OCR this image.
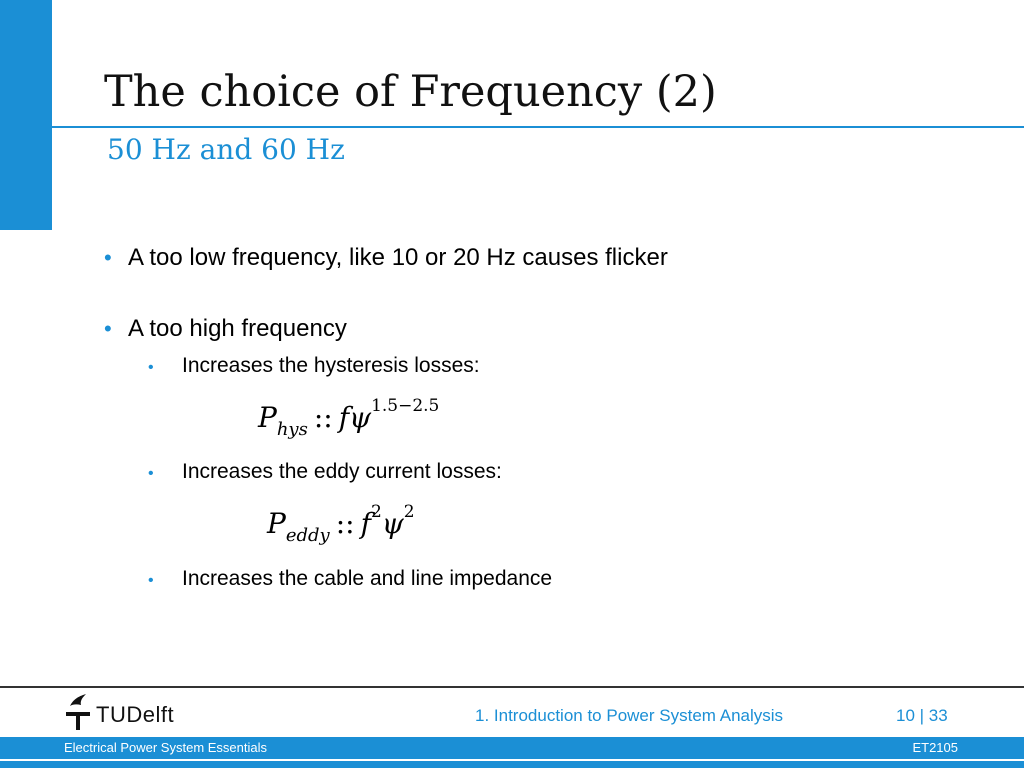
The choice of Frequency (2)
50 Hz and 60 Hz
• A too low frequency, like 10 or 20 Hz causes flicker
• A too high frequency
• Increases the hysteresis losses:
$P_{hys}$ :: $f\psi^{1.5-2.5}$
• Increases the eddy current losses:
$P_{eddy}$ :: $f^2\psi^2$
• Increases the cable and line impedance
TUDelft	1. Introduction to Power System Analysis	10 | 33
Electrical Power System Essentials	ET2105
